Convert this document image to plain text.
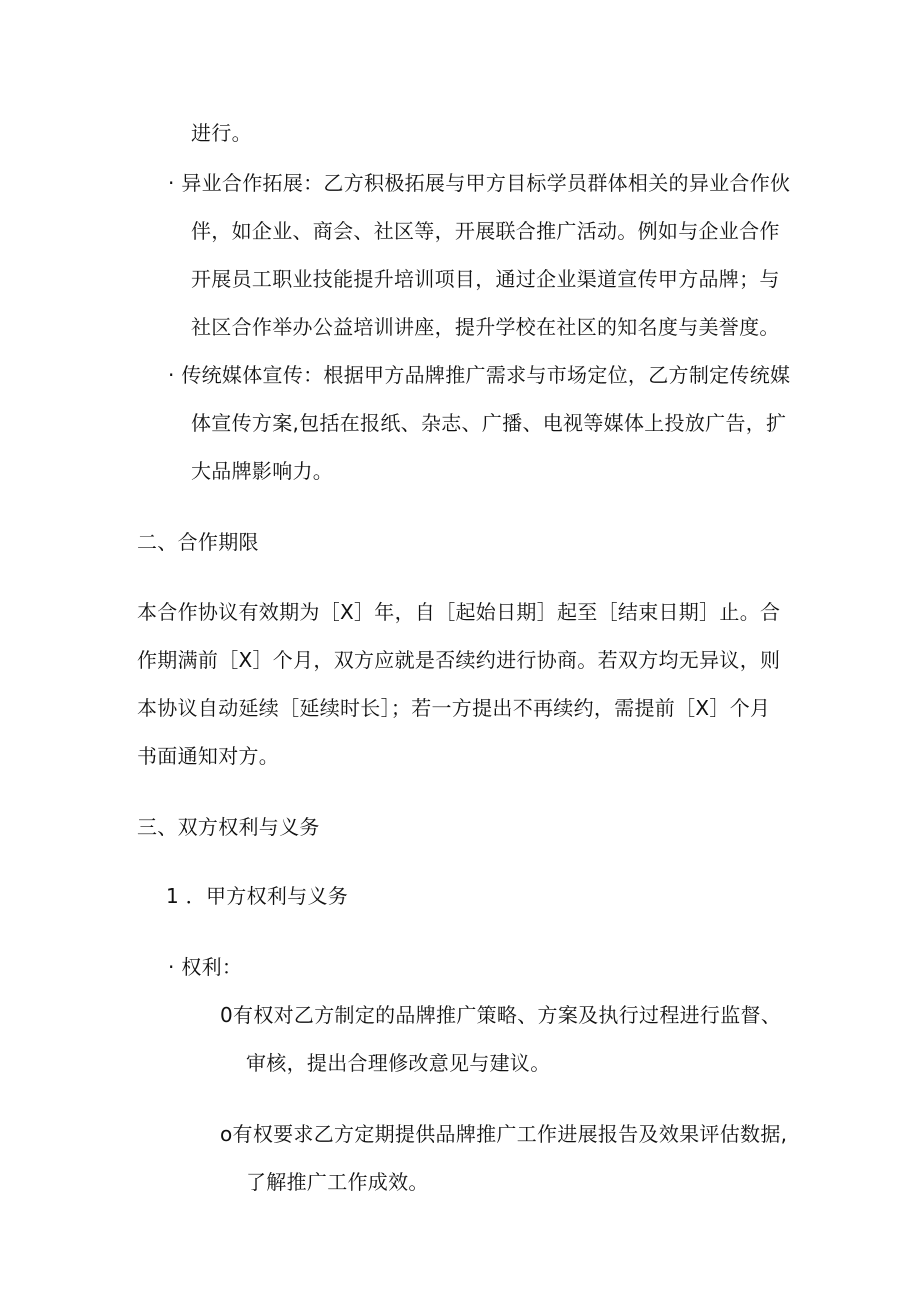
进行。
· 异业合作拓展：乙方积极拓展与甲方目标学员群体相关的异业合作伙
伴，如企业、商会、社区等，开展联合推广活动。例如与企业合作
开展员工职业技能提升培训项目，通过企业渠道宣传甲方品牌；与
社区合作举办公益培训讲座，提升学校在社区的知名度与美誉度。
· 传统媒体宣传：根据甲方品牌推广需求与市场定位，乙方制定传统媒
体宣传方案,包括在报纸、杂志、广播、电视等媒体上投放广告，扩
大品牌影响力。
二、合作期限
本合作协议有效期为［X］年，自［起始日期］起至［结束日期］止。合
作期满前［X］个月，双方应就是否续约进行协商。若双方均无异议，则
本协议自动延续［延续时长］；若一方提出不再续约，需提前［X］个月
书面通知对方。
三、双方权利与义务
1 ．甲方权利与义务
· 权利：
0有权对乙方制定的品牌推广策略、方案及执行过程进行监督、
审核，提出合理修改意见与建议。
o有权要求乙方定期提供品牌推广工作进展报告及效果评估数据,
了解推广工作成效。
